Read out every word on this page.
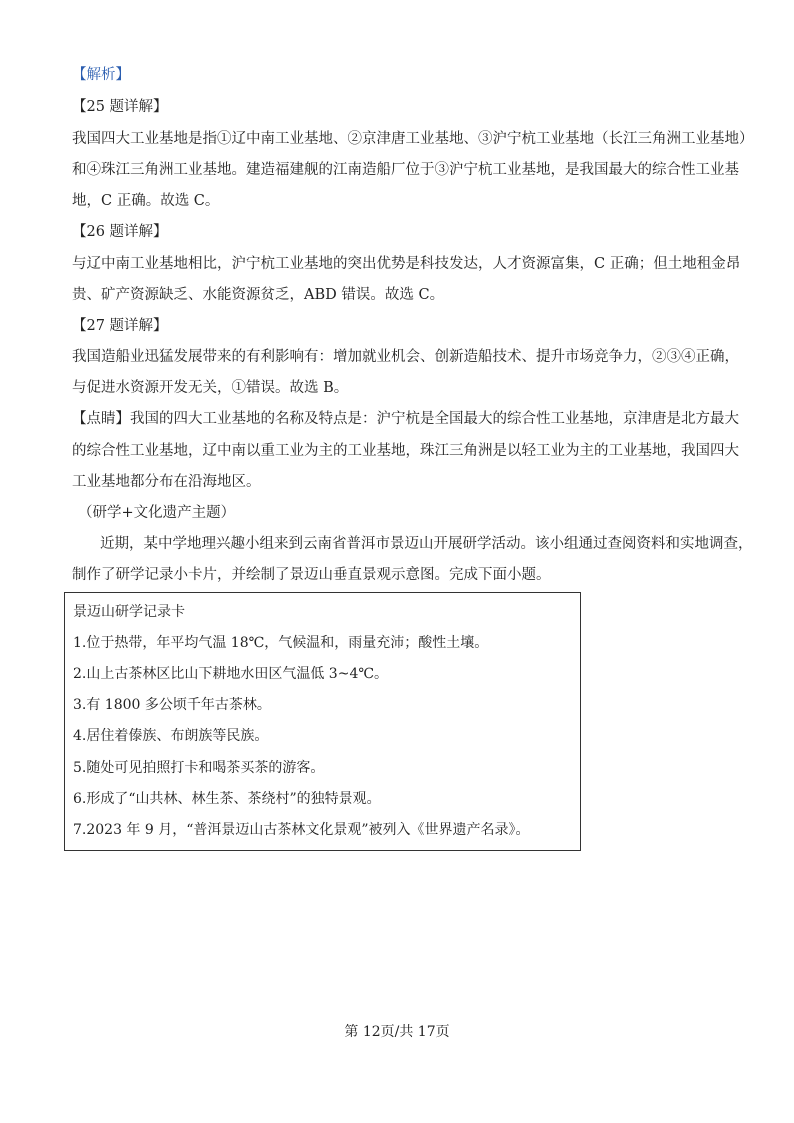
【解析】
【25 题详解】
我国四大工业基地是指①辽中南工业基地、②京津唐工业基地、③沪宁杭工业基地（长江三角洲工业基地）
和④珠江三角洲工业基地。建造福建舰的江南造船厂位于③沪宁杭工业基地，是我国最大的综合性工业基
地，C 正确。故选 C。
【26 题详解】
与辽中南工业基地相比，沪宁杭工业基地的突出优势是科技发达，人才资源富集，C 正确；但土地租金昂
贵、矿产资源缺乏、水能资源贫乏，ABD 错误。故选 C。
【27 题详解】
我国造船业迅猛发展带来的有利影响有：增加就业机会、创新造船技术、提升市场竞争力，②③④正确，
与促进水资源开发无关，①错误。故选 B。
【点睛】我国的四大工业基地的名称及特点是：沪宁杭是全国最大的综合性工业基地，京津唐是北方最大
的综合性工业基地，辽中南以重工业为主的工业基地，珠江三角洲是以轻工业为主的工业基地，我国四大
工业基地都分布在沿海地区。
（研学+文化遗产主题）
近期，某中学地理兴趣小组来到云南省普洱市景迈山开展研学活动。该小组通过查阅资料和实地调查，
制作了研学记录小卡片，并绘制了景迈山垂直景观示意图。完成下面小题。
景迈山研学记录卡
1.位于热带，年平均气温 18℃，气候温和，雨量充沛；酸性土壤。
2.山上古茶林区比山下耕地水田区气温低 3~4℃。
3.有 1800 多公顷千年古茶林。
4.居住着傣族、布朗族等民族。
5.随处可见拍照打卡和喝茶买茶的游客。
6.形成了“山共林、林生茶、茶绕村”的独特景观。
7.2023 年 9 月，“普洱景迈山古茶林文化景观”被列入《世界遗产名录》。
第 12页/共 17页
